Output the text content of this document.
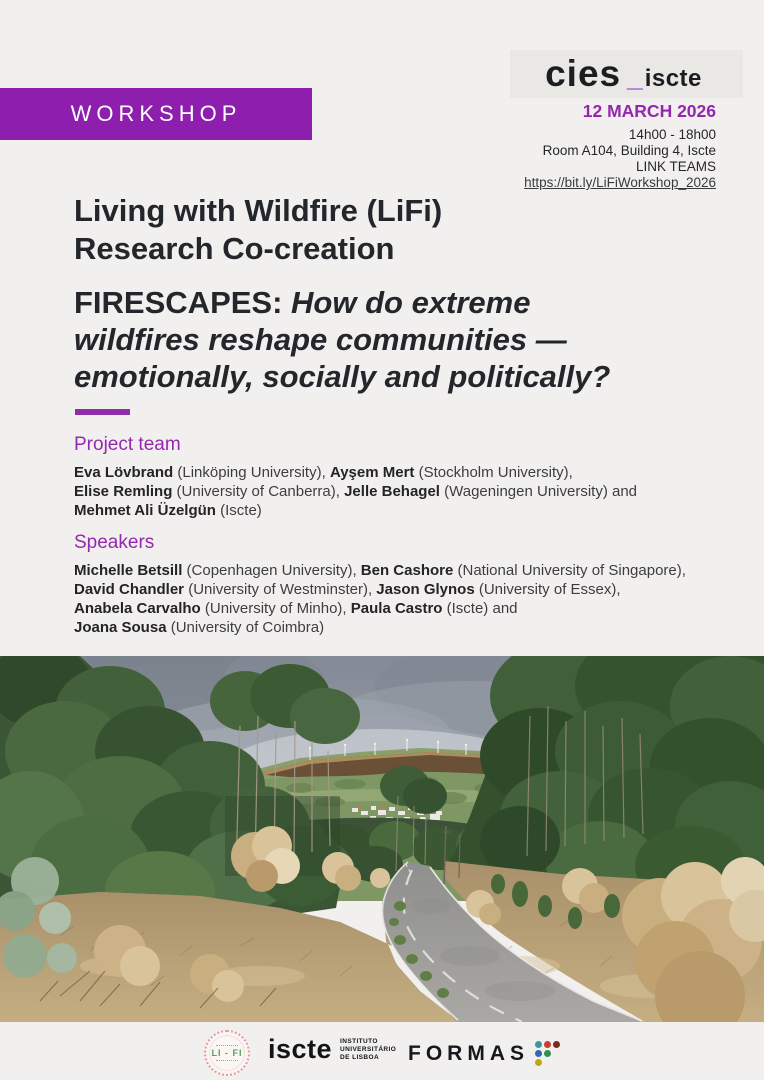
WORKSHOP
cies _ iscte
12 MARCH 2026
14h00 - 18h00
Room A104, Building 4, Iscte
LINK TEAMS
https://bit.ly/LiFiWorkshop_2026
Living with Wildfire (LiFi)
Research Co-creation
FIRESCAPES: How do extreme
wildfires reshape communities —
emotionally, socially and politically?
Project team
Eva Lövbrand (Linköping University), Ayşem Mert (Stockholm University),
Elise Remling (University of Canberra), Jelle Behagel (Wageningen University) and
Mehmet Ali Üzelgün (Iscte)
Speakers
Michelle Betsill (Copenhagen University), Ben Cashore (National University of Singapore),
David Chandler (University of Westminster), Jason Glynos (University of Essex),
Anabela Carvalho (University of Minho), Paula Castro (Iscte) and
Joana Sousa (University of Coimbra)
LI - FI iscte INSTITUTO
UNIVERSITÁRIO
DE LISBOA	FORMAS
